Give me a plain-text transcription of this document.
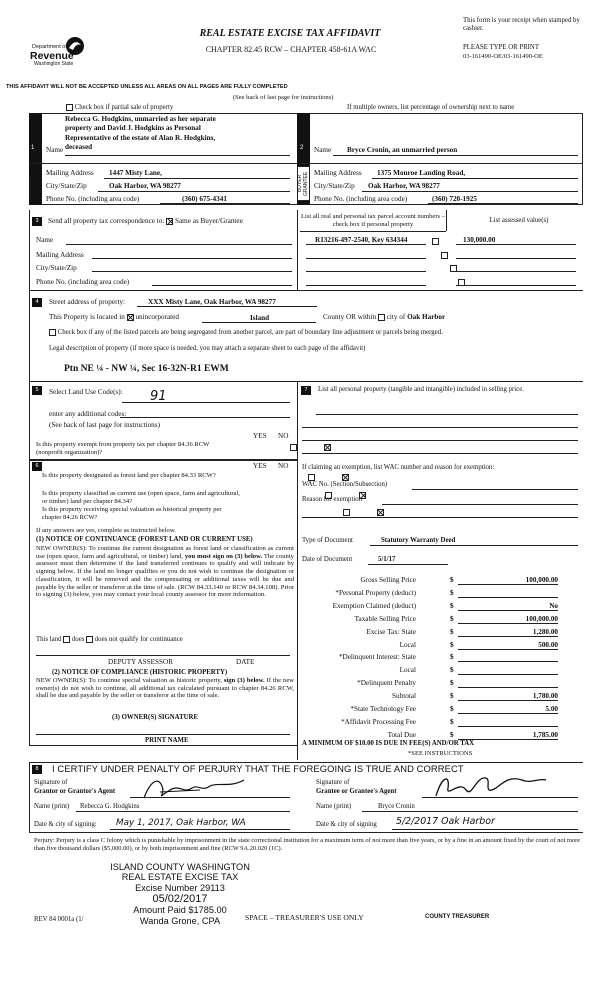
Department of
Revenue
Washington State
REAL ESTATE EXCISE TAX AFFIDAVIT
CHAPTER 82.45 RCW – CHAPTER 458-61A WAC
This form is your receipt when stamped by cashier.
PLEASE TYPE OR PRINT
03-161490-OE/03-161490-OE
THIS AFFIDAVIT WILL NOT BE ACCEPTED UNLESS ALL AREAS ON ALL PAGES ARE FULLY COMPLETED
(See back of last page for instructions)
Check box if partial sale of property	If multiple owners, list percentage of ownership next to name
1	2
SELLER GRANTOR	BUYER GRANTEE
Name
Rebecca G. Hodgkins, unmarried as her separate
property and David J. Hodgkins as Personal
Representative of the estate of Alan R. Hodgkins,
deceased	Name Bryce Cronin, an unmarried person
Mailing Address 1447 Misty Lane,
City/State/Zip	Oak Harbor, WA 98277
Phone No. (including area code)	(360) 675-4341
Mailing Address 1375 Monroe Landing Road,
City/State/Zip Oak Harbor, WA 98277
Phone No. (including area code)	(360) 720-1925
3	Send all property tax correspondence to: Same as Buyer/Grantee
Name
Mailing Address
City/State/Zip
Phone No. (including area code)
List all real and personal tax parcel account numbers – check box if personal property
List assessed value(s)
R13216-497-2540, Key 634344
	130,000.00

4	Street address of property:	XXX Misty Lane, Oak Harbor, WA 98277
This Property is located in unincorporated	Island	County OR within city of Oak Harbor
Check box if any of the listed parcels are being segregated from another parcel, are part of boundary line adjustment or parcels being merged.
Legal description of property (if more space is needed, you may attach a separate sheet to each page of the affidavit)
Ptn NE ¼ - NW ¼, Sec 16-32N-R1 EWM
5	Select Land Use Code(s): 91
enter any additional codes:
(See back of last page for instructions)
YES NO
Is this property exempt from property tax per chapter 84.36 RCW (nonprofit organization)?

6	YES NO
Is this property designated as forest land per chapter 84.33 RCW?

Is this property classified as current use (open space, farm and agricultural, or timber) land per chapter 84.34?

Is this property receiving special valuation as historical property per chapter 84.26 RCW?

If any answers are yes, complete as instructed below.
(1) NOTICE OF CONTINUANCE (FOREST LAND OR CURRENT USE)
NEW OWNER(S): To continue the current designation as forest land or classification as current use (open space, farm and agricultural, or timber) land, you must sign on (3) below. The county assessor must then determine if the land transferred continues to qualify and will indicate by signing below. If the land no longer qualifies or you do not wish to continue the designation or classification, it will be removed and the compensating or additional taxes will be due and payable by the seller or transferor at the time of sale. (RCW 84.33.140 or RCW 84.34.108). Prior to signing (3) below, you may contact your local county assessor for more information.
This land does does not qualify for continuance
DEPUTY ASSESSOR	DATE
(2) NOTICE OF COMPLIANCE (HISTORIC PROPERTY)
NEW OWNER(S): To continue special valuation as historic property, sign (3) below. If the new owner(s) do not wish to continue, all additional tax calculated pursuant to chapter 84.26 RCW, shall be due and payable by the seller or transferor at the time of sale.
(3) OWNER(S) SIGNATURE
PRINT NAME
7	List all personal property (tangible and intangible) included in selling price.
If claiming an exemption, list WAC number and reason for exemption:
WAC No. (Section/Subsection)
Reason for exemption
Type of Document	Statutory Warranty Deed
Date of Document	5/1/17
Gross Selling Price	$	100,000.00
*Personal Property (deduct)	$
Exemption Claimed (deduct)	$	No
Taxable Selling Price	$	100,000.00
Excise Tax: State	$	1,280.00
Local	$	500.00
*Delinquent Interest: State	$
Local	$
*Delinquent Penalty	$
Subtotal	$	1,780.00
*State Technology Fee	$	5.00
*Affidavit Processing Fee	$
Total Due	$	1,785.00
A MINIMUM OF $10.00 IS DUE IN FEE(S) AND/OR TAX
*SEE INSTRUCTIONS
8	I CERTIFY UNDER PENALTY OF PERJURY THAT THE FOREGOING IS TRUE AND CORRECT
Signature of
Grantor or Grantor's Agent
Signature of
Grantee or Grantee's Agent
Name (print) Rebecca G. Hodgkins	Name (print)	Bryce Cronin
Date & city of signing: May 1, 2017, Oak Harbor, WA	Date & city of signing 5/2/2017 Oak Harbor
Perjury: Perjury is a class C felony which is punishable by imprisonment in the state correctional institution for a maximum term of not more than five years, or by a fine in an amount fixed by the court of not more than five thousand dollars ($5,000.00), or by both imprisonment and fine (RCW 9A.20.020 (1C).
ISLAND COUNTY WASHINGTON
REAL ESTATE EXCISE TAX
Excise Number 29113
05/02/2017
Amount Paid $1785.00
Wanda Grone, CPA
REV 84 0001a (1/	SPACE – TREASURER'S USE ONLY	COUNTY TREASURER
